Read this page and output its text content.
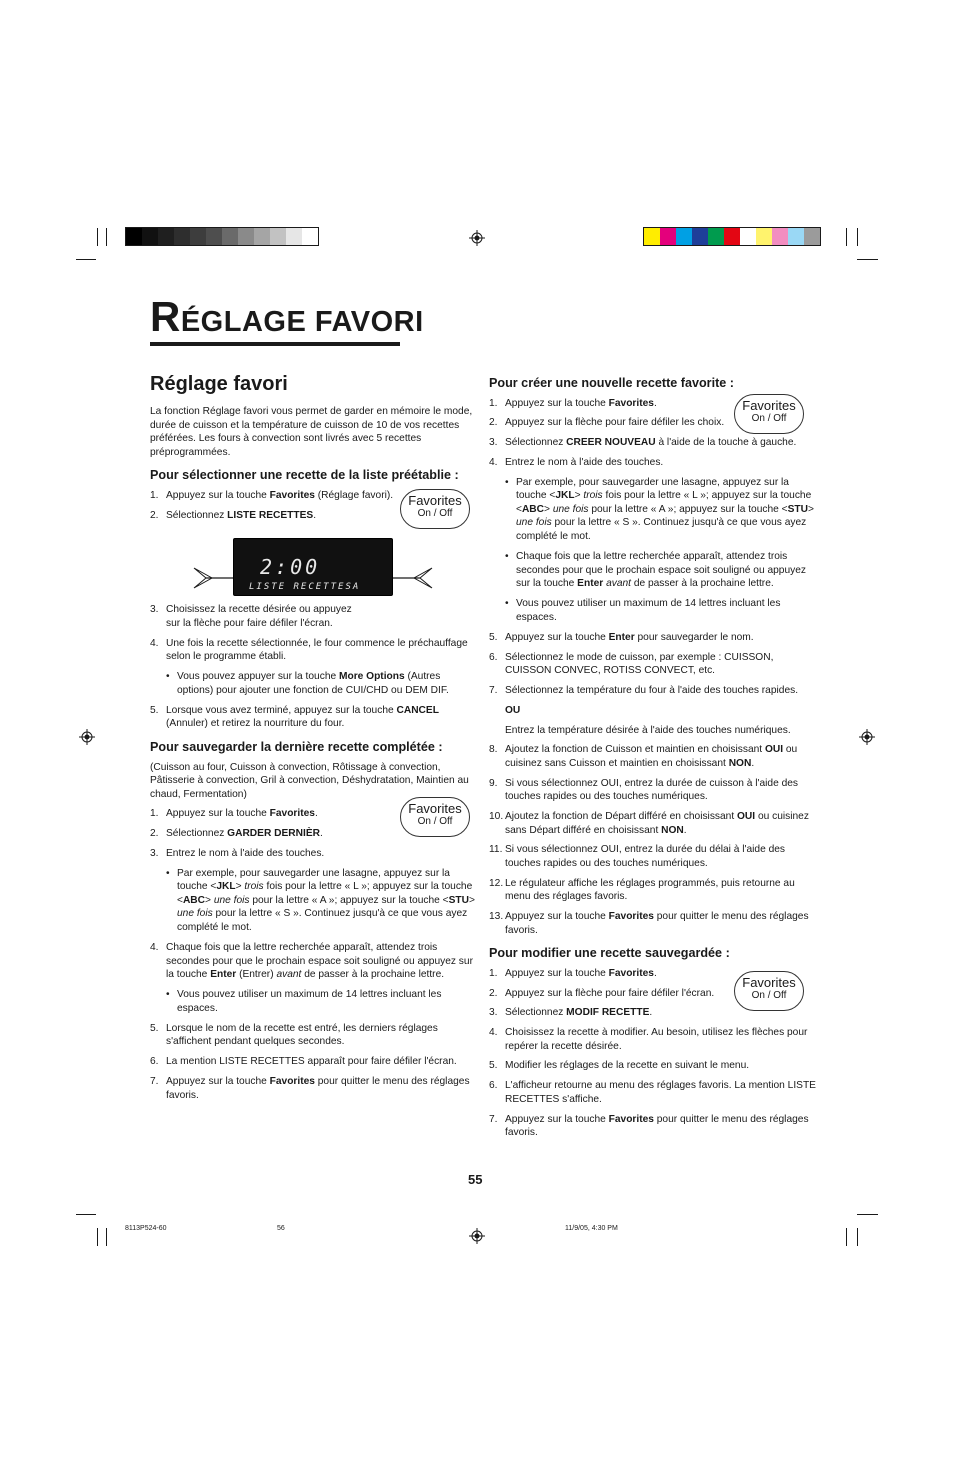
RÉGLAGE FAVORI
Réglage favori

La fonction Réglage favori vous permet de garder en mémoire le mode, durée de cuisson et la température de cuisson de 10 de vos recettes préférées. Les fours à convection sont livrés avec 5 recettes préprogrammées.

Pour sélectionner une recette de la liste préétablie :
1. Appuyez sur la touche Favorites (Réglage favori).
2. Sélectionnez LISTE RECETTES.
3. Choisissez la recette désirée ou appuyez sur la flèche pour faire défiler l'écran.
4. Une fois la recette sélectionnée, le four commence le préchauffage selon le programme établi.
• Vous pouvez appuyer sur la touche More Options (Autres options) pour ajouter une fonction de CUI/CHD ou DEM DIF.
5. Lorsque vous avez terminé, appuyez sur la touche CANCEL (Annuler) et retirez la nourriture du four.
Pour sauvegarder la dernière recette complétée :

(Cuisson au four, Cuisson à convection, Rôtissage à convection, Pâtisserie à convection, Gril à convection, Déshydratation, Maintien au chaud, Fermentation)

1. Appuyez sur la touche Favorites.
2. Sélectionnez GARDER DERNIÈR.
3. Entrez le nom à l'aide des touches.
• Par exemple, pour sauvegarder une lasagne, appuyez sur la touche <JKL> trois fois pour la lettre « L »; appuyez sur la touche <ABC> une fois pour la lettre « A »; appuyez sur la touche <STU> une fois pour la lettre « S ». Continuez jusqu'à ce que vous ayez complété le mot.
4. Chaque fois que la lettre recherchée apparaît, attendez trois secondes pour que le prochain espace soit souligné ou appuyez sur la touche Enter (Entrer) avant de passer à la prochaine lettre.
• Vous pouvez utiliser un maximum de 14 lettres incluant les espaces.
5. Lorsque le nom de la recette est entré, les derniers réglages s'affichent pendant quelques secondes.
6. La mention LISTE RECETTES apparaît pour faire défiler l'écran.
7. Appuyez sur la touche Favorites pour quitter le menu des réglages favoris.
2:00
LISTE RECETTESA
Pour créer une nouvelle recette favorite :
1. Appuyez sur la touche Favorites.
2. Appuyez sur la flèche pour faire défiler les choix.
3. Sélectionnez CREER NOUVEAU à l'aide de la touche à gauche.
4. Entrez le nom à l'aide des touches.
• Par exemple, pour sauvegarder une lasagne, appuyez sur la touche <JKL> trois fois pour la lettre « L »; appuyez sur la touche <ABC> une fois pour la lettre « A »; appuyez sur la touche <STU> une fois pour la lettre « S ». Continuez jusqu'à ce que vous ayez complété le mot.
• Chaque fois que la lettre recherchée apparaît, attendez trois secondes pour que le prochain espace soit souligné ou appuyez sur la touche Enter avant de passer à la prochaine lettre.
• Vous pouvez utiliser un maximum de 14 lettres incluant les espaces.
5. Appuyez sur la touche Enter pour sauvegarder le nom.
6. Sélectionnez le mode de cuisson, par exemple : CUISSON, CUISSON CONVEC, ROTISS CONVECT, etc.
7. Sélectionnez la température du four à l'aide des touches rapides.
OU
Entrez la température désirée à l'aide des touches numériques.
8. Ajoutez la fonction de Cuisson et maintien en choisissant OUI ou cuisinez sans Cuisson et maintien en choisissant NON.
9. Si vous sélectionnez OUI, entrez la durée de cuisson à l'aide des touches rapides ou des touches numériques.
10. Ajoutez la fonction de Départ différé en choisissant OUI ou cuisinez sans Départ différé en choisissant NON.
11. Si vous sélectionnez OUI, entrez la durée du délai à l'aide des touches rapides ou des touches numériques.
12. Le régulateur affiche les réglages programmés, puis retourne au menu des réglages favoris.
13. Appuyez sur la touche Favorites pour quitter le menu des réglages favoris.
Pour modifier une recette sauvegardée :
1. Appuyez sur la touche Favorites.
2. Appuyez sur la flèche pour faire défiler l'écran.
3. Sélectionnez MODIF RECETTE.
4. Choisissez la recette à modifier. Au besoin, utilisez les flèches pour repérer la recette désirée.
5. Modifier les réglages de la recette en suivant le menu.
6. L'afficheur retourne au menu des réglages favoris. La mention LISTE RECETTES s'affiche.
7. Appuyez sur la touche Favorites pour quitter le menu des réglages favoris.
Favorites
On / Off
Favorites
On / Off
Favorites
On / Off
Favorites
On / Off
55
8113P524-60	56	11/9/05, 4:30 PM
